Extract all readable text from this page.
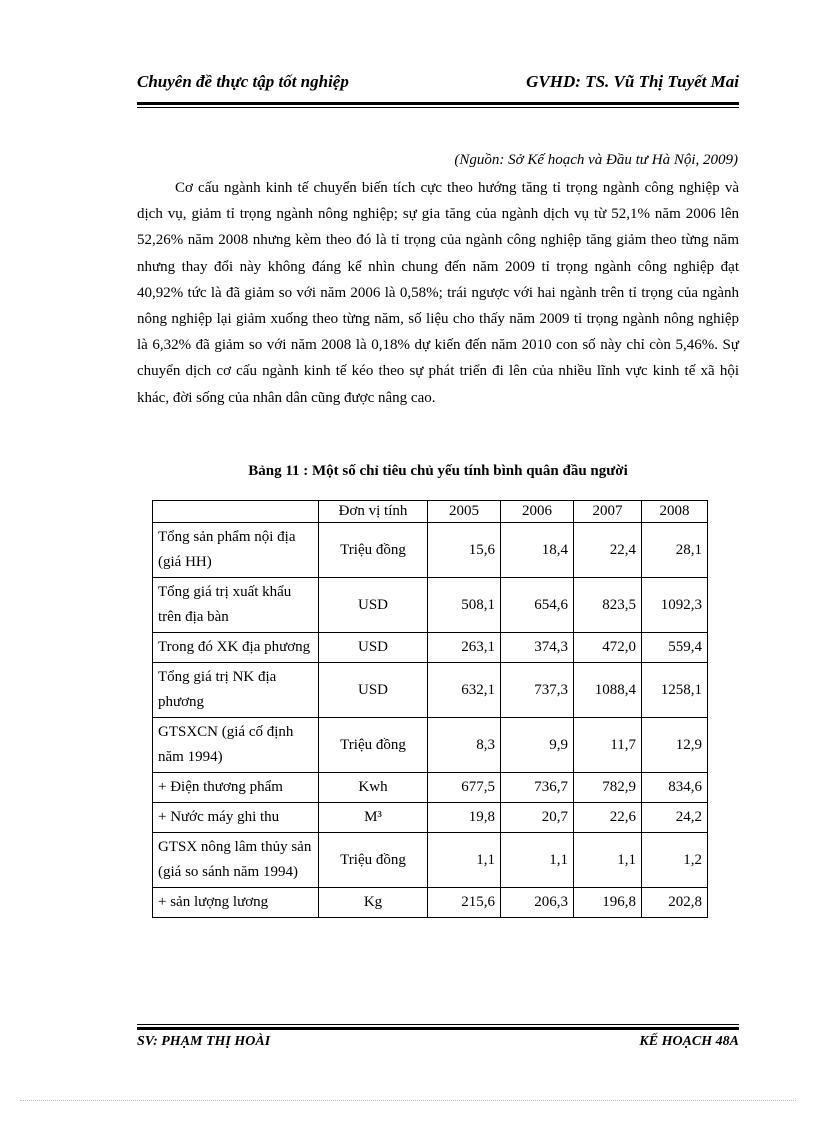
Chuyên đề thực tập tốt nghiệp	GVHD: TS. Vũ Thị Tuyết Mai
(Nguồn: Sở Kế hoạch và Đầu tư Hà Nội, 2009)

Cơ cấu ngành kinh tế chuyển biến tích cực theo hướng tăng tỉ trọng ngành công nghiệp và dịch vụ, giảm tỉ trọng ngành nông nghiệp; sự gia tăng của ngành dịch vụ từ 52,1% năm 2006 lên 52,26% năm 2008 nhưng kèm theo đó là tỉ trọng của ngành công nghiệp tăng giảm theo từng năm nhưng thay đổi này không đáng kể nhìn chung đến năm 2009 tỉ trọng ngành công nghiệp đạt 40,92% tức là đã giảm so với năm 2006 là 0,58%; trái ngược với hai ngành trên tỉ trọng của ngành nông nghiệp lại giảm xuống theo từng năm, số liệu cho thấy năm 2009 tỉ trọng ngành nông nghiệp là 6,32% đã giảm so với năm 2008 là 0,18% dự kiến đến năm 2010 con số này chỉ còn 5,46%. Sự chuyển dịch cơ cấu ngành kinh tế kéo theo sự phát triển đi lên của nhiều lĩnh vực kinh tế xã hội khác, đời sống của nhân dân cũng được nâng cao.

Bảng 11 : Một số chỉ tiêu chủ yếu tính bình quân đầu người
	Đơn vị tính	2005	2006	2007	2008
Tổng sản phẩm nội địa (giá HH)	Triệu đồng	15,6	18,4	22,4	28,1
Tổng giá trị xuất khẩu trên địa bàn	USD	508,1	654,6	823,5	1092,3
Trong đó XK địa phương	USD	263,1	374,3	472,0	559,4
Tổng giá trị NK địa phương	USD	632,1	737,3	1088,4	1258,1
GTSXCN (giá cố định năm 1994)	Triệu đồng	8,3	9,9	11,7	12,9
+ Điện thương phẩm	Kwh	677,5	736,7	782,9	834,6
+ Nước máy ghi thu	M³	19,8	20,7	22,6	24,2
GTSX nông lâm thủy sản (giá so sánh năm 1994)	Triệu đồng	1,1	1,1	1,1	1,2
+ sản lượng lương	Kg	215,6	206,3	196,8	202,8
SV: PHẠM THỊ HOÀI	KẾ HOẠCH 48A
